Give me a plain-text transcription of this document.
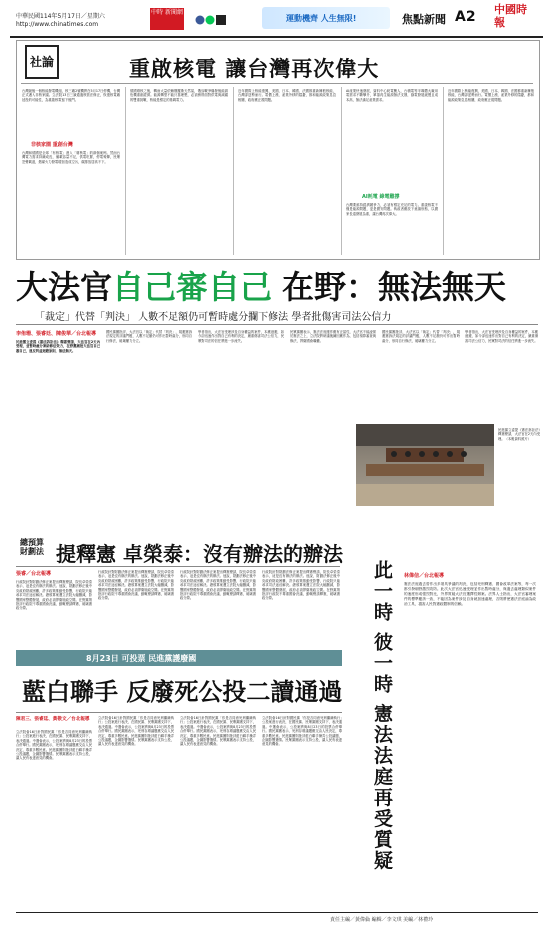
中華民國114年5月17日／星期六
http://www.chinatimes.com
中時 新聞網
運動機齊 人生無限!	焦點新聞 A2 中國時報
社論	重啟核電 讓台灣再次偉大
台灣最後一個核能發電機組，核三廠2號機將在5月17日停機，台灣正式邁入非核家園。立法院13日三讀通過核管法修正，恢復核電廠延役的可能性，為重啟核電留下後門。
非核家園 重創台灣
台灣和德國是全球「有核電」進入「廢核電」的兩個案例。然而台灣電力需求持續成長，備載容量不足，供電吃緊，停電頻傳，民眾怨聲載道，燃煤火力發電增加造成空污，碳排放居高不下。
德國廢核之後，轉而大量依賴俄羅斯天然氣，俄烏戰爭爆發後能源危機重創經濟。能源轉型不能只靠理想，必須務實面對供電與減碳的雙重挑戰，核能是穩定的基載電力。
近年國際上核能復興，美國、日本、韓國、法國都重新擁抱核能，台灣卻逆勢而行。電價上漲、產業外移的隱憂，都和能源政策息息相關，政府應正視問題。
AI產業快速發展，資料中心耗電驚人，台積電等半導體大廠用電需求不斷攀升，單靠再生能源無法支撐，綠電發展緩慢且成本高，無法滿足產業需求。
AI耗電 綠電難撐
台灣要維持經濟競爭力，必須有穩定充足的電力。重啟核電不僅是能源問題，更是國安問題。執政者應放下意識形態，以國家長遠發展為重，讓台灣再次偉大。
近年國際上核能復興，美國、日本、韓國、法國都重新擁抱核能，台灣卻逆勢而行。電價上漲、產業外移的隱憂，都和能源政策息息相關，政府應正視問題。
大法官自己審自己 在野：無法無天
「裁定」代替「判決」 人數不足額仍可暫時處分攔下修法 學者批傷害司法公信力
李侑珊、張睿廷、陳俊華／台北報導
民進黨立委提《憲法訴訟法》釋憲聲請，大法官在2天內受理，並暫時處分凍結修法效力，在野黨痛批大法官自己審自己，違反利益迴避原則，無法無天。
國民黨團批評，大法官以「裁定」代替「判決」，規避憲訴法規定的評議門檻，人數不足額仍可作出暫時處分，形同自行修法，破壞權力分立。
學者指出，大法官受理涉及自身權益的案件，本應迴避，如今卻迅速作出對自己有利的決定，嚴重傷害司法公信力，民眾對司法的信任將進一步流失。
民眾黨團表示，憲法法庭運作應有正當性，大法官不能凌駕於憲法之上，立法院將研議後續因應作為，包括預算審查與修法，捍衛國會職權。
國民黨團批評，大法官以「裁定」代替「判決」，規避憲訴法規定的評議門檻，人數不足額仍可作出暫時處分，形同自行修法，破壞權力分立。
學者指出，大法官受理涉及自身權益的案件，本應迴避，如今卻迅速作出對自己有利的決定，嚴重傷害司法公信力，民眾對司法的信任將進一步流失。
民進黨立委提《憲法訴訟法》釋憲聲請，大法官在2天內受理。（本報資料照片）
總預算 財劃法 提釋憲 卓榮泰：沒有辦法的辦法
張睿／台北報導
行政院針對財劃法修正案提出釋憲聲請，院長卓榮泰表示，這是沒有辦法的辦法。他說，財劃法修正後中央政府財政困難，許多政策推動受影響，行政院只能尋求司法途徑解決。總預算案遭立法院大幅刪減，影響國家整體發展，政府必須捍衛施政空間。在野黨則批評行政院不尊重國會決議，動輒聲請釋憲，破壞憲政分際。
行政院針對財劃法修正案提出釋憲聲請，院長卓榮泰表示，這是沒有辦法的辦法。他說，財劃法修正後中央政府財政困難，許多政策推動受影響，行政院只能尋求司法途徑解決。總預算案遭立法院大幅刪減，影響國家整體發展，政府必須捍衛施政空間。在野黨則批評行政院不尊重國會決議，動輒聲請釋憲，破壞憲政分際。
行政院針對財劃法修正案提出釋憲聲請，院長卓榮泰表示，這是沒有辦法的辦法。他說，財劃法修正後中央政府財政困難，許多政策推動受影響，行政院只能尋求司法途徑解決。總預算案遭立法院大幅刪減，影響國家整體發展，政府必須捍衛施政空間。在野黨則批評行政院不尊重國會決議，動輒聲請釋憲，破壞憲政分際。
行政院針對財劃法修正案提出釋憲聲請，院長卓榮泰表示，這是沒有辦法的辦法。他說，財劃法修正後中央政府財政困難，許多政策推動受影響，行政院只能尋求司法途徑解決。總預算案遭立法院大幅刪減，影響國家整體發展，政府必須捍衛施政空間。在野黨則批評行政院不尊重國會決議，動輒聲請釋憲，破壞憲政分際。
林偉信／台北報導
此一時 彼一時 憲法法庭再受質疑	憲法法庭過去曾作出多項具爭議的判決，包括死刑釋憲、國會改革法案等，每一次都引發朝野激烈攻防。此次大法官迅速受理並作出暫時處分，與過去處理類似案件的速度形成強烈對比，外界質疑大法官選擇性辦案。法界人士指出，大法官審理案件的標準應該一致，不能因為案件涉及自身就加速處理，否則將使憲法法庭淪為政治工具，損害人民對憲政體制的信賴。
8月23日 可投票 民進黨護廢國
藍白聯手 反廢死公投二讀通過
陳君三、張睿廷、黃敬文／台北報導
立法院會16日針對國民黨「你是否同意死刑繼續執行」公投案進行表決，在國民黨、民眾黨團支持下，表決通過。中選會表示，公投案將與8月23日的投票合併舉行。國民黨團表示，死刑存廢議題應交由人民決定，尊重多數民意。民進黨團則批評藍白聯手操弄公投議題，企圖影響選情。民眾黨團表示支持公投，讓人民有表達意見的機會。
立法院會16日針對國民黨「你是否同意死刑繼續執行」公投案進行表決，在國民黨、民眾黨團支持下，表決通過。中選會表示，公投案將與8月23日的投票合併舉行。國民黨團表示，死刑存廢議題應交由人民決定，尊重多數民意。民進黨團則批評藍白聯手操弄公投議題，企圖影響選情。民眾黨團表示支持公投，讓人民有表達意見的機會。
立法院會16日針對國民黨「你是否同意死刑繼續執行」公投案進行表決，在國民黨、民眾黨團支持下，表決通過。中選會表示，公投案將與8月23日的投票合併舉行。國民黨團表示，死刑存廢議題應交由人民決定，尊重多數民意。民進黨團則批評藍白聯手操弄公投議題，企圖影響選情。民眾黨團表示支持公投，讓人民有表達意見的機會。
立法院會16日針對國民黨「你是否同意死刑繼續執行」公投案進行表決，在國民黨、民眾黨團支持下，表決通過。中選會表示，公投案將與8月23日的投票合併舉行。國民黨團表示，死刑存廢議題應交由人民決定，尊重多數民意。民進黨團則批評藍白聯手操弄公投議題，企圖影響選情。民眾黨團表示支持公投，讓人民有表達意見的機會。
責任主編／黃偉倫 編輯／李文琪 美編／林禮玲
